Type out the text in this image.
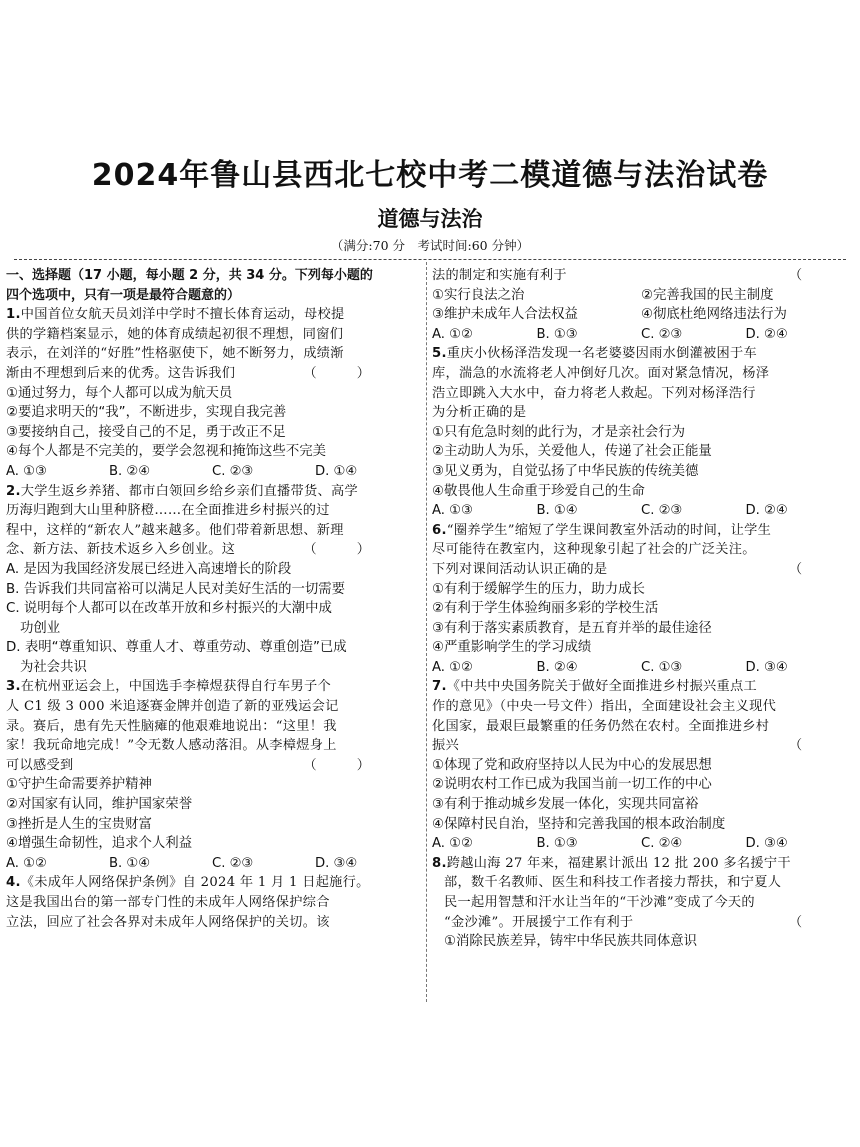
2024年鲁山县西北七校中考二模道德与法治试卷
道德与法治
（满分:70 分　考试时间:60 分钟）
一、选择题（17 小题，每小题 2 分，共 34 分。下列每小题的
四个选项中，只有一项是最符合题意的）
1.中国首位女航天员刘洋中学时不擅长体育运动，母校提
供的学籍档案显示，她的体育成绩起初很不理想，同窗们
表示，在刘洋的“好胜”性格驱使下，她不断努力，成绩渐
渐由不理想到后来的优秀。这告诉我们	（ ）
①通过努力，每个人都可以成为航天员
②要追求明天的“我”，不断进步，实现自我完善
③要接纳自己，接受自己的不足，勇于改正不足
④每个人都是不完美的，要学会忽视和掩饰这些不完美
A. ①③	B. ②④	C. ②③	D. ①④
2.大学生返乡养猪、都市白领回乡给乡亲们直播带货、高学
历海归跑到大山里种脐橙……在全面推进乡村振兴的过
程中，这样的“新农人”越来越多。他们带着新思想、新理
念、新方法、新技术返乡入乡创业。这	（ ）
A. 是因为我国经济发展已经进入高速增长的阶段
B. 告诉我们共同富裕可以满足人民对美好生活的一切需要
C. 说明每个人都可以在改革开放和乡村振兴的大潮中成
功创业
D. 表明“尊重知识、尊重人才、尊重劳动、尊重创造”已成
为社会共识
3.在杭州亚运会上，中国选手李樟煜获得自行车男子个
人 C1 级 3 000 米追逐赛金牌并创造了新的亚残运会记
录。赛后，患有先天性脑瘫的他艰难地说出：“这里！我
家！我玩命地完成！”令无数人感动落泪。从李樟煜身上
可以感受到	（ ）
①守护生命需要养护精神
②对国家有认同，维护国家荣誉
③挫折是人生的宝贵财富
④增强生命韧性，追求个人利益
A. ①②	B. ①④	C. ②③	D. ③④
4.《未成年人网络保护条例》自 2024 年 1 月 1 日起施行。
这是我国出台的第一部专门性的未成年人网络保护综合
立法，回应了社会各界对未成年人网络保护的关切。该
法的制定和实施有利于	（
①实行良法之治	②完善我国的民主制度
③维护未成年人合法权益	④彻底杜绝网络违法行为
A. ①②	B. ①③	C. ②③	D. ②④
5.重庆小伙杨泽浩发现一名老婆婆因雨水倒灌被困于车
库，湍急的水流将老人冲倒好几次。面对紧急情况，杨泽
浩立即跳入大水中，奋力将老人救起。下列对杨泽浩行
为分析正确的是
①只有危急时刻的此行为，才是亲社会行为
②主动助人为乐，关爱他人，传递了社会正能量
③见义勇为，自觉弘扬了中华民族的传统美德
④敬畏他人生命重于珍爱自己的生命
A. ①③	B. ①④	C. ②③	D. ②④
6.“圈养学生”缩短了学生课间教室外活动的时间，让学生
尽可能待在教室内，这种现象引起了社会的广泛关注。
下列对课间活动认识正确的是	（
①有利于缓解学生的压力，助力成长
②有利于学生体验绚丽多彩的学校生活
③有利于落实素质教育，是五育并举的最佳途径
④严重影响学生的学习成绩
A. ①②	B. ②④	C. ①③	D. ③④
7.《中共中央国务院关于做好全面推进乡村振兴重点工
作的意见》（中央一号文件）指出，全面建设社会主义现代
化国家，最艰巨最繁重的任务仍然在农村。全面推进乡村
振兴	（
①体现了党和政府坚持以人民为中心的发展思想
②说明农村工作已成为我国当前一切工作的中心
③有利于推动城乡发展一体化，实现共同富裕
④保障村民自治，坚持和完善我国的根本政治制度
A. ①②	B. ①③	C. ②④	D. ③④
8.跨越山海 27 年来，福建累计派出 12 批 200 多名援宁干
部，数千名教师、医生和科技工作者接力帮扶，和宁夏人
民一起用智慧和汗水让当年的“干沙滩”变成了今天的
“金沙滩”。开展援宁工作有利于	（
①消除民族差异，铸牢中华民族共同体意识
